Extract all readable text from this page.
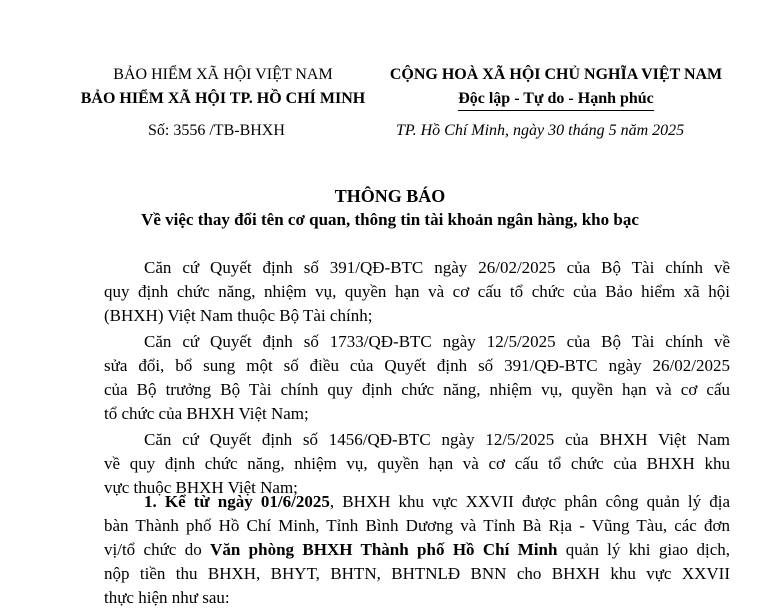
BẢO HIỂM XÃ HỘI VIỆT NAM
BẢO HIỂM XÃ HỘI TP. HỒ CHÍ MINH
CỘNG HOÀ XÃ HỘI CHỦ NGHĨA VIỆT NAM
Độc lập - Tự do - Hạnh phúc
Số: 3556 /TB-BHXH	TP. Hồ Chí Minh, ngày 30 tháng 5 năm 2025
THÔNG BÁO
Về việc thay đổi tên cơ quan, thông tin tài khoản ngân hàng, kho bạc
Căn cứ Quyết định số 391/QĐ-BTC ngày 26/02/2025 của Bộ Tài chính về
quy định chức năng, nhiệm vụ, quyền hạn và cơ cấu tổ chức của Bảo hiểm xã hội
(BHXH) Việt Nam thuộc Bộ Tài chính;
Căn cứ Quyết định số 1733/QĐ-BTC ngày 12/5/2025 của Bộ Tài chính về
sửa đổi, bổ sung một số điều của Quyết định số 391/QĐ-BTC ngày 26/02/2025
của Bộ trưởng Bộ Tài chính quy định chức năng, nhiệm vụ, quyền hạn và cơ cấu
tổ chức của BHXH Việt Nam;
Căn cứ Quyết định số 1456/QĐ-BTC ngày 12/5/2025 của BHXH Việt Nam
về quy định chức năng, nhiệm vụ, quyền hạn và cơ cấu tổ chức của BHXH khu
vực thuộc BHXH Việt Nam;
1. Kể từ ngày 01/6/2025, BHXH khu vực XXVII được phân công quản lý địa
bàn Thành phố Hồ Chí Minh, Tỉnh Bình Dương và Tỉnh Bà Rịa - Vũng Tàu, các đơn
vị/tổ chức do Văn phòng BHXH Thành phố Hồ Chí Minh quản lý khi giao dịch,
nộp tiền thu BHXH, BHYT, BHTN, BHTNLĐ BNN cho BHXH khu vực XXVII
thực hiện như sau:
